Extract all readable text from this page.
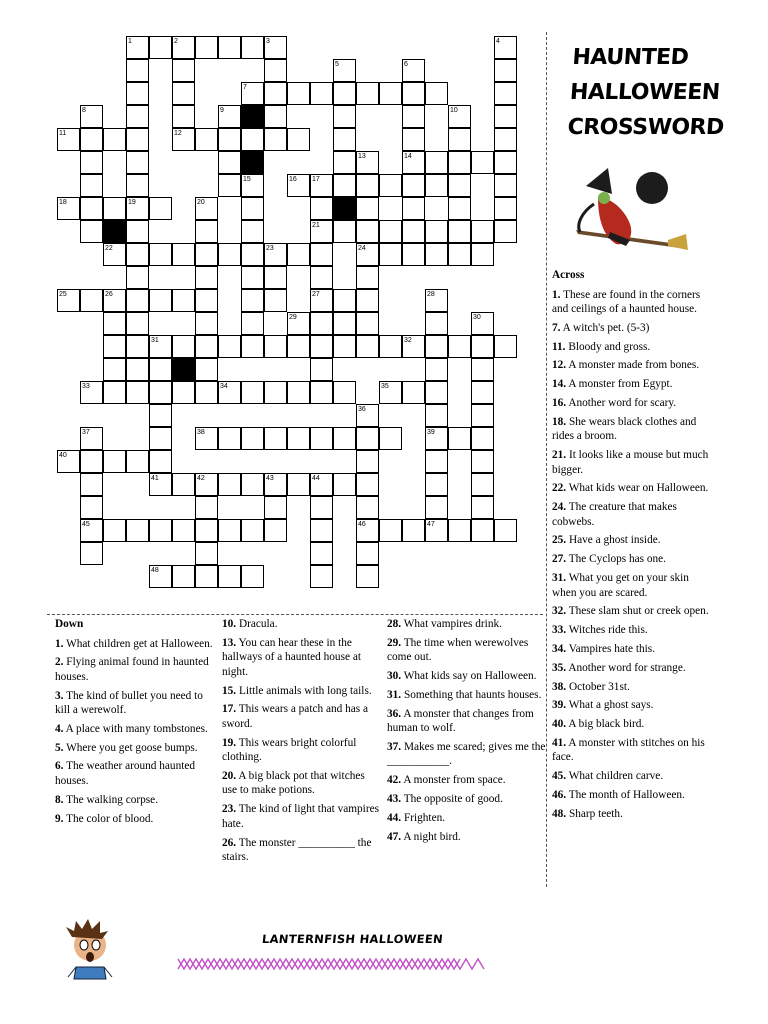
1	2	3	4
5	6
7
8	9	10
11	12
13	14
15	16 17
18	19	20
21
22	23	24
25	26	27	28
29	30
31	32
33	34	35
36
37	38	39
40
41	42	43	44
45	46	47
48
HAUNTED
HALLOWEEN
CROSSWORD
Across
1. These are found in the corners and ceilings of a haunted house.
7. A witch's pet. (5-3)
11. Bloody and gross.
12. A monster made from bones.
14. A monster from Egypt.
16. Another word for scary.
18. She wears black clothes and rides a broom.
21. It looks like a mouse but much bigger.
22. What kids wear on Halloween.
24. The creature that makes cobwebs.
25. Have a ghost inside.
27. The Cyclops has one.
31. What you get on your skin when you are scared.
32. These slam shut or creek open.
33. Witches ride this.
34. Vampires hate this.
35. Another word for strange.
38. October 31st.
39. What a ghost says.
40. A big black bird.
41. A monster with stitches on his face.
45. What children carve.
46. The month of Halloween.
48. Sharp teeth.
Down
1. What children get at Halloween.
2. Flying animal found in haunted houses.
3. The kind of bullet you need to kill a werewolf.
4. A place with many tombstones.
5. Where you get goose bumps.
6. The weather around haunted houses.
8. The walking corpse.
9. The color of blood.
10. Dracula.
13. You can hear these in the hallways of a haunted house at night.
15. Little animals with long tails.
17. This wears a patch and has a sword.
19. This wears bright colorful clothing.
20. A big black pot that witches use to make potions.
23. The kind of light that vampires hate.
26. The monster __________ the stairs.
28. What vampires drink.
29. The time when werewolves come out.
30. What kids say on Halloween.
31. Something that haunts houses.
36. A monster that changes from human to wolf.
37. Makes me scared; gives me the ___________.
42. A monster from space.
43. The opposite of good.
44. Frighten.
47. A night bird.
LANTERNFISH HALLOWEEN
